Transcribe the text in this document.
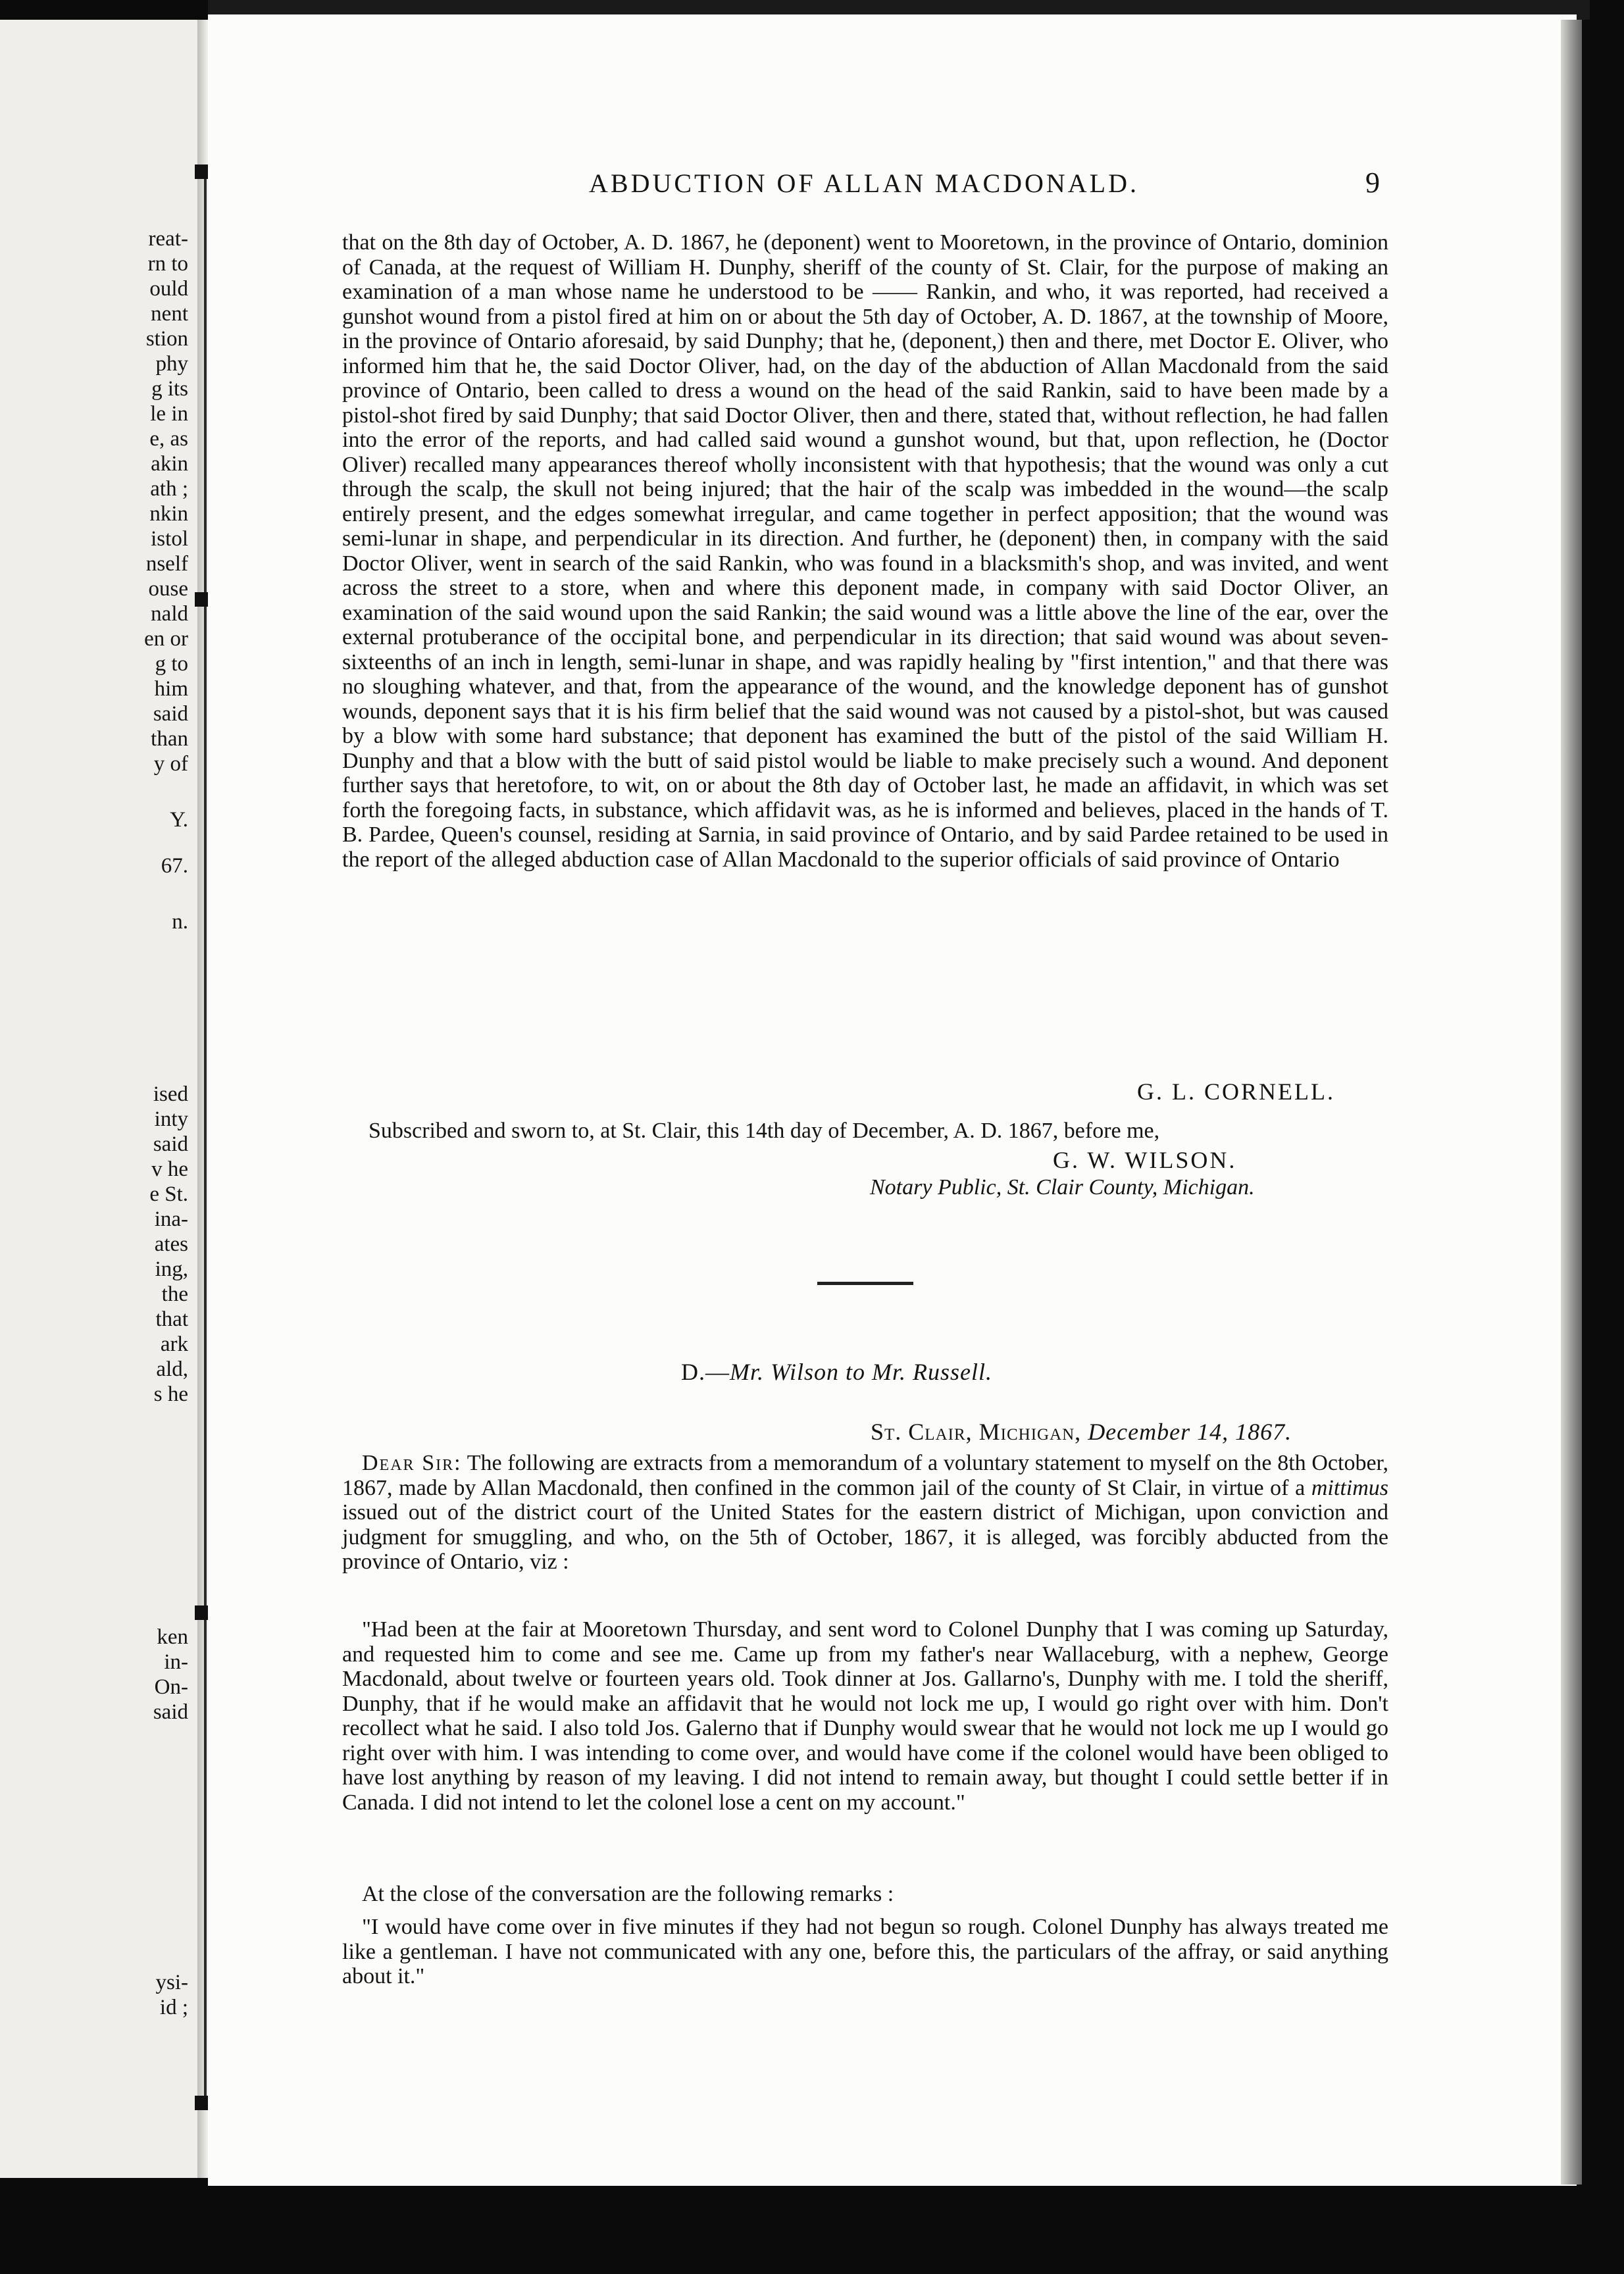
reat-
rn to
ould
nent
stion
phy
g its
le in
e, as
akin
ath ;
nkin
istol
nself
ouse
nald
en or
g to
him
said
than
y of
Y.
67.
n.
ised
inty
said
v he
e St.
ina-
ates
ing,
the
that
ark
ald,
s he
ken
in-
On-
said
ysi-
id ;
ABDUCTION OF ALLAN MACDONALD.	9

that on the 8th day of October, A. D. 1867, he (deponent) went to Mooretown, in the province of Ontario, dominion of Canada, at the request of William H. Dunphy, sheriff of the county of St. Clair, for the purpose of making an examination of a man whose name he understood to be —— Rankin, and who, it was reported, had received a gunshot wound from a pistol fired at him on or about the 5th day of October, A. D. 1867, at the township of Moore, in the province of Ontario aforesaid, by said Dunphy; that he, (deponent,) then and there, met Doctor E. Oliver, who informed him that he, the said Doctor Oliver, had, on the day of the abduction of Allan Macdonald from the said province of Ontario, been called to dress a wound on the head of the said Rankin, said to have been made by a pistol-shot fired by said Dunphy; that said Doctor Oliver, then and there, stated that, without reflection, he had fallen into the error of the reports, and had called said wound a gunshot wound, but that, upon reflection, he (Doctor Oliver) recalled many appearances thereof wholly inconsistent with that hypothesis; that the wound was only a cut through the scalp, the skull not being injured; that the hair of the scalp was imbedded in the wound—the scalp entirely present, and the edges somewhat irregular, and came together in perfect apposition; that the wound was semi-lunar in shape, and perpendicular in its direction. And further, he (deponent) then, in company with the said Doctor Oliver, went in search of the said Rankin, who was found in a blacksmith's shop, and was invited, and went across the street to a store, when and where this deponent made, in company with said Doctor Oliver, an examination of the said wound upon the said Rankin; the said wound was a little above the line of the ear, over the external protuberance of the occipital bone, and perpendicular in its direction; that said wound was about seven-sixteenths of an inch in length, semi-lunar in shape, and was rapidly healing by "first intention," and that there was no sloughing whatever, and that, from the appearance of the wound, and the knowledge deponent has of gunshot wounds, deponent says that it is his firm belief that the said wound was not caused by a pistol-shot, but was caused by a blow with some hard substance; that deponent has examined the butt of the pistol of the said William H. Dunphy and that a blow with the butt of said pistol would be liable to make precisely such a wound. And deponent further says that heretofore, to wit, on or about the 8th day of October last, he made an affidavit, in which was set forth the foregoing facts, in substance, which affidavit was, as he is informed and believes, placed in the hands of T. B. Pardee, Queen's counsel, residing at Sarnia, in said province of Ontario, and by said Pardee retained to be used in the report of the alleged abduction case of Allan Macdonald to the superior officials of said province of Ontario

G. L. CORNELL.
Subscribed and sworn to, at St. Clair, this 14th day of December, A. D. 1867, before me,
G. W. WILSON.
Notary Public, St. Clair County, Michigan.
D.—Mr. Wilson to Mr. Russell.
St. Clair, Michigan, December 14, 1867.

Dear Sir: The following are extracts from a memorandum of a voluntary statement to myself on the 8th October, 1867, made by Allan Macdonald, then confined in the common jail of the county of St Clair, in virtue of a mittimus issued out of the district court of the United States for the eastern district of Michigan, upon conviction and judgment for smuggling, and who, on the 5th of October, 1867, it is alleged, was forcibly abducted from the province of Ontario, viz :

"Had been at the fair at Mooretown Thursday, and sent word to Colonel Dunphy that I was coming up Saturday, and requested him to come and see me. Came up from my father's near Wallaceburg, with a nephew, George Macdonald, about twelve or fourteen years old. Took dinner at Jos. Gallarno's, Dunphy with me. I told the sheriff, Dunphy, that if he would make an affidavit that he would not lock me up, I would go right over with him. Don't recollect what he said. I also told Jos. Galerno that if Dunphy would swear that he would not lock me up I would go right over with him. I was intending to come over, and would have come if the colonel would have been obliged to have lost anything by reason of my leaving. I did not intend to remain away, but thought I could settle better if in Canada. I did not intend to let the colonel lose a cent on my account."

At the close of the conversation are the following remarks :

"I would have come over in five minutes if they had not begun so rough. Colonel Dunphy has always treated me like a gentleman. I have not communicated with any one, before this, the particulars of the affray, or said anything about it."
